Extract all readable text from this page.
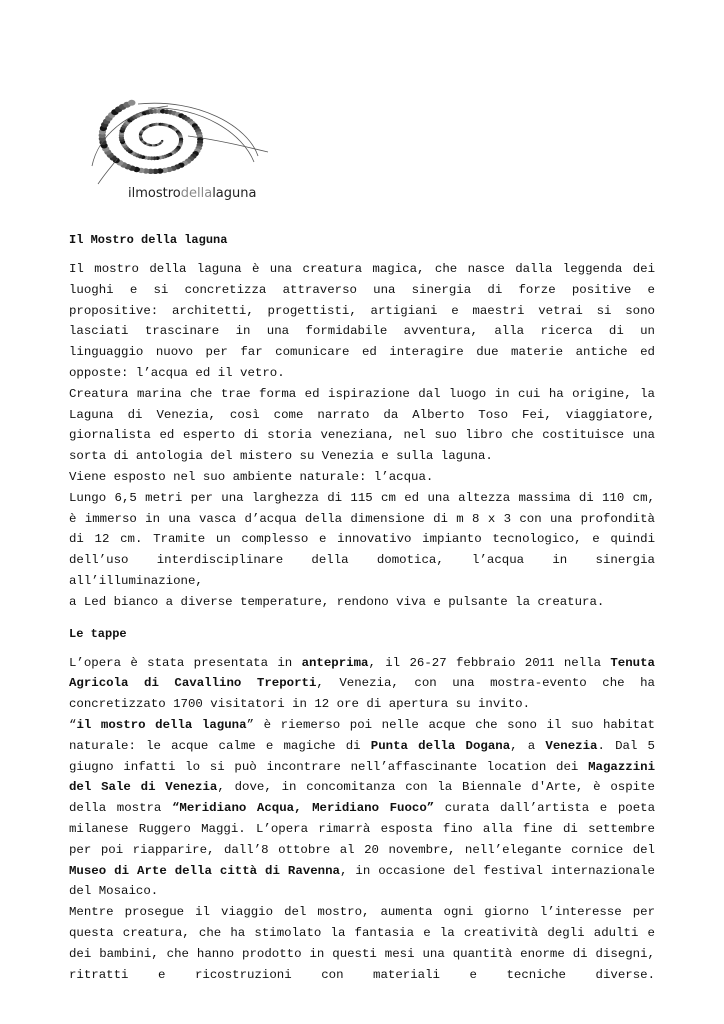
ilmostrodellalaguna
Il Mostro della laguna

Il mostro della laguna è una creatura magica, che nasce dalla leggenda dei luoghi e si concretizza attraverso una sinergia di forze positive e propositive: architetti, progettisti, artigiani e maestri vetrai si sono lasciati trascinare in una formidabile avventura, alla ricerca di un linguaggio nuovo per far comunicare ed interagire due materie antiche ed opposte: l’acqua ed il vetro.

Creatura marina che trae forma ed ispirazione dal luogo in cui ha origine, la Laguna di Venezia, così come narrato da Alberto Toso Fei, viaggiatore, giornalista ed esperto di storia veneziana, nel suo libro che costituisce una sorta di antologia del mistero su Venezia e sulla laguna.

Viene esposto nel suo ambiente naturale: l’acqua.

Lungo 6,5 metri per una larghezza di 115 cm ed una altezza massima di 110 cm, è immerso in una vasca d’acqua della dimensione di m 8 x 3 con una profondità di 12 cm. Tramite un complesso e innovativo impianto tecnologico, e quindi dell’uso interdisciplinare della domotica, l’acqua in sinergia all’illuminazione,

a Led bianco a diverse temperature, rendono viva e pulsante la creatura.

Le tappe

L’opera è stata presentata in anteprima, il 26-27 febbraio 2011 nella Tenuta Agricola di Cavallino Treporti, Venezia, con una mostra-evento che ha concretizzato 1700 visitatori in 12 ore di apertura su invito.

“il mostro della laguna” è riemerso poi nelle acque che sono il suo habitat naturale: le acque calme e magiche di Punta della Dogana, a Venezia. Dal 5 giugno infatti lo si può incontrare nell’affascinante location dei Magazzini del Sale di Venezia, dove, in concomitanza con la Biennale d'Arte, è ospite della mostra “Meridiano Acqua, Meridiano Fuoco” curata dall’artista e poeta milanese Ruggero Maggi. L’opera rimarrà esposta fino alla fine di settembre per poi riapparire, dall’8 ottobre al 20 novembre, nell’elegante cornice del Museo di Arte della città di Ravenna, in occasione del festival internazionale del Mosaico.

Mentre prosegue il viaggio del mostro, aumenta ogni giorno l’interesse per questa creatura, che ha stimolato la fantasia e la creatività degli adulti e dei bambini, che hanno prodotto in questi mesi una quantità enorme di disegni, ritratti e ricostruzioni con materiali e tecniche diverse.
